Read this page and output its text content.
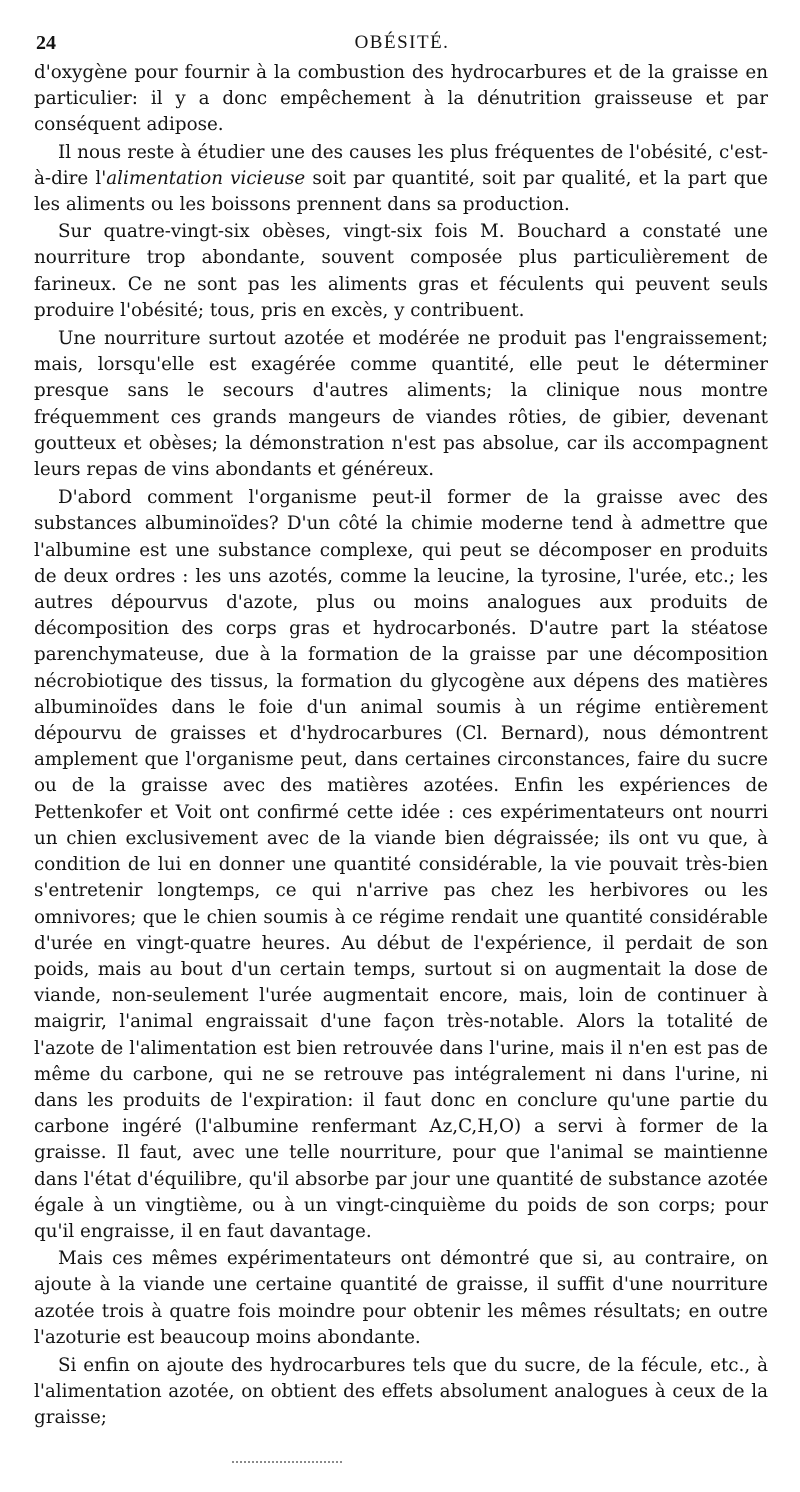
24	OBÉSITÉ.

d'oxygène pour fournir à la combustion des hydrocarbures et de la graisse en particulier: il y a donc empêchement à la dénutrition graisseuse et par conséquent adipose.

Il nous reste à étudier une des causes les plus fréquentes de l'obésité, c'est-à-dire l'alimentation vicieuse soit par quantité, soit par qualité, et la part que les aliments ou les boissons prennent dans sa production.

Sur quatre-vingt-six obèses, vingt-six fois M. Bouchard a constaté une nourriture trop abondante, souvent composée plus particulièrement de farineux. Ce ne sont pas les aliments gras et féculents qui peuvent seuls produire l'obésité; tous, pris en excès, y contribuent.

Une nourriture surtout azotée et modérée ne produit pas l'engraissement; mais, lorsqu'elle est exagérée comme quantité, elle peut le déterminer presque sans le secours d'autres aliments; la clinique nous montre fréquemment ces grands mangeurs de viandes rôties, de gibier, devenant goutteux et obèses; la démonstration n'est pas absolue, car ils accompagnent leurs repas de vins abondants et généreux.

D'abord comment l'organisme peut-il former de la graisse avec des substances albuminoïdes? D'un côté la chimie moderne tend à admettre que l'albumine est une substance complexe, qui peut se décomposer en produits de deux ordres : les uns azotés, comme la leucine, la tyrosine, l'urée, etc.; les autres dépourvus d'azote, plus ou moins analogues aux produits de décomposition des corps gras et hydrocarbonés. D'autre part la stéatose parenchymateuse, due à la formation de la graisse par une décomposition nécrobiotique des tissus, la formation du glycogène aux dépens des matières albuminoïdes dans le foie d'un animal soumis à un régime entièrement dépourvu de graisses et d'hydrocarbures (Cl. Bernard), nous démontrent amplement que l'organisme peut, dans certaines circonstances, faire du sucre ou de la graisse avec des matières azotées. Enfin les expériences de Pettenkofer et Voit ont confirmé cette idée : ces expérimentateurs ont nourri un chien exclusivement avec de la viande bien dégraissée; ils ont vu que, à condition de lui en donner une quantité considérable, la vie pouvait très-bien s'entretenir longtemps, ce qui n'arrive pas chez les herbivores ou les omnivores; que le chien soumis à ce régime rendait une quantité considérable d'urée en vingt-quatre heures. Au début de l'expérience, il perdait de son poids, mais au bout d'un certain temps, surtout si on augmentait la dose de viande, non-seulement l'urée augmentait encore, mais, loin de continuer à maigrir, l'animal engraissait d'une façon très-notable. Alors la totalité de l'azote de l'alimentation est bien retrouvée dans l'urine, mais il n'en est pas de même du carbone, qui ne se retrouve pas intégralement ni dans l'urine, ni dans les produits de l'expiration: il faut donc en conclure qu'une partie du carbone ingéré (l'albumine renfermant Az,C,H,O) a servi à former de la graisse. Il faut, avec une telle nourriture, pour que l'animal se maintienne dans l'état d'équilibre, qu'il absorbe par jour une quantité de substance azotée égale à un vingtième, ou à un vingt-cinquième du poids de son corps; pour qu'il engraisse, il en faut davantage.

Mais ces mêmes expérimentateurs ont démontré que si, au contraire, on ajoute à la viande une certaine quantité de graisse, il suffit d'une nourriture azotée trois à quatre fois moindre pour obtenir les mêmes résultats; en outre l'azoturie est beaucoup moins abondante.

Si enfin on ajoute des hydrocarbures tels que du sucre, de la fécule, etc., à l'alimentation azotée, on obtient des effets absolument analogues à ceux de la graisse;
